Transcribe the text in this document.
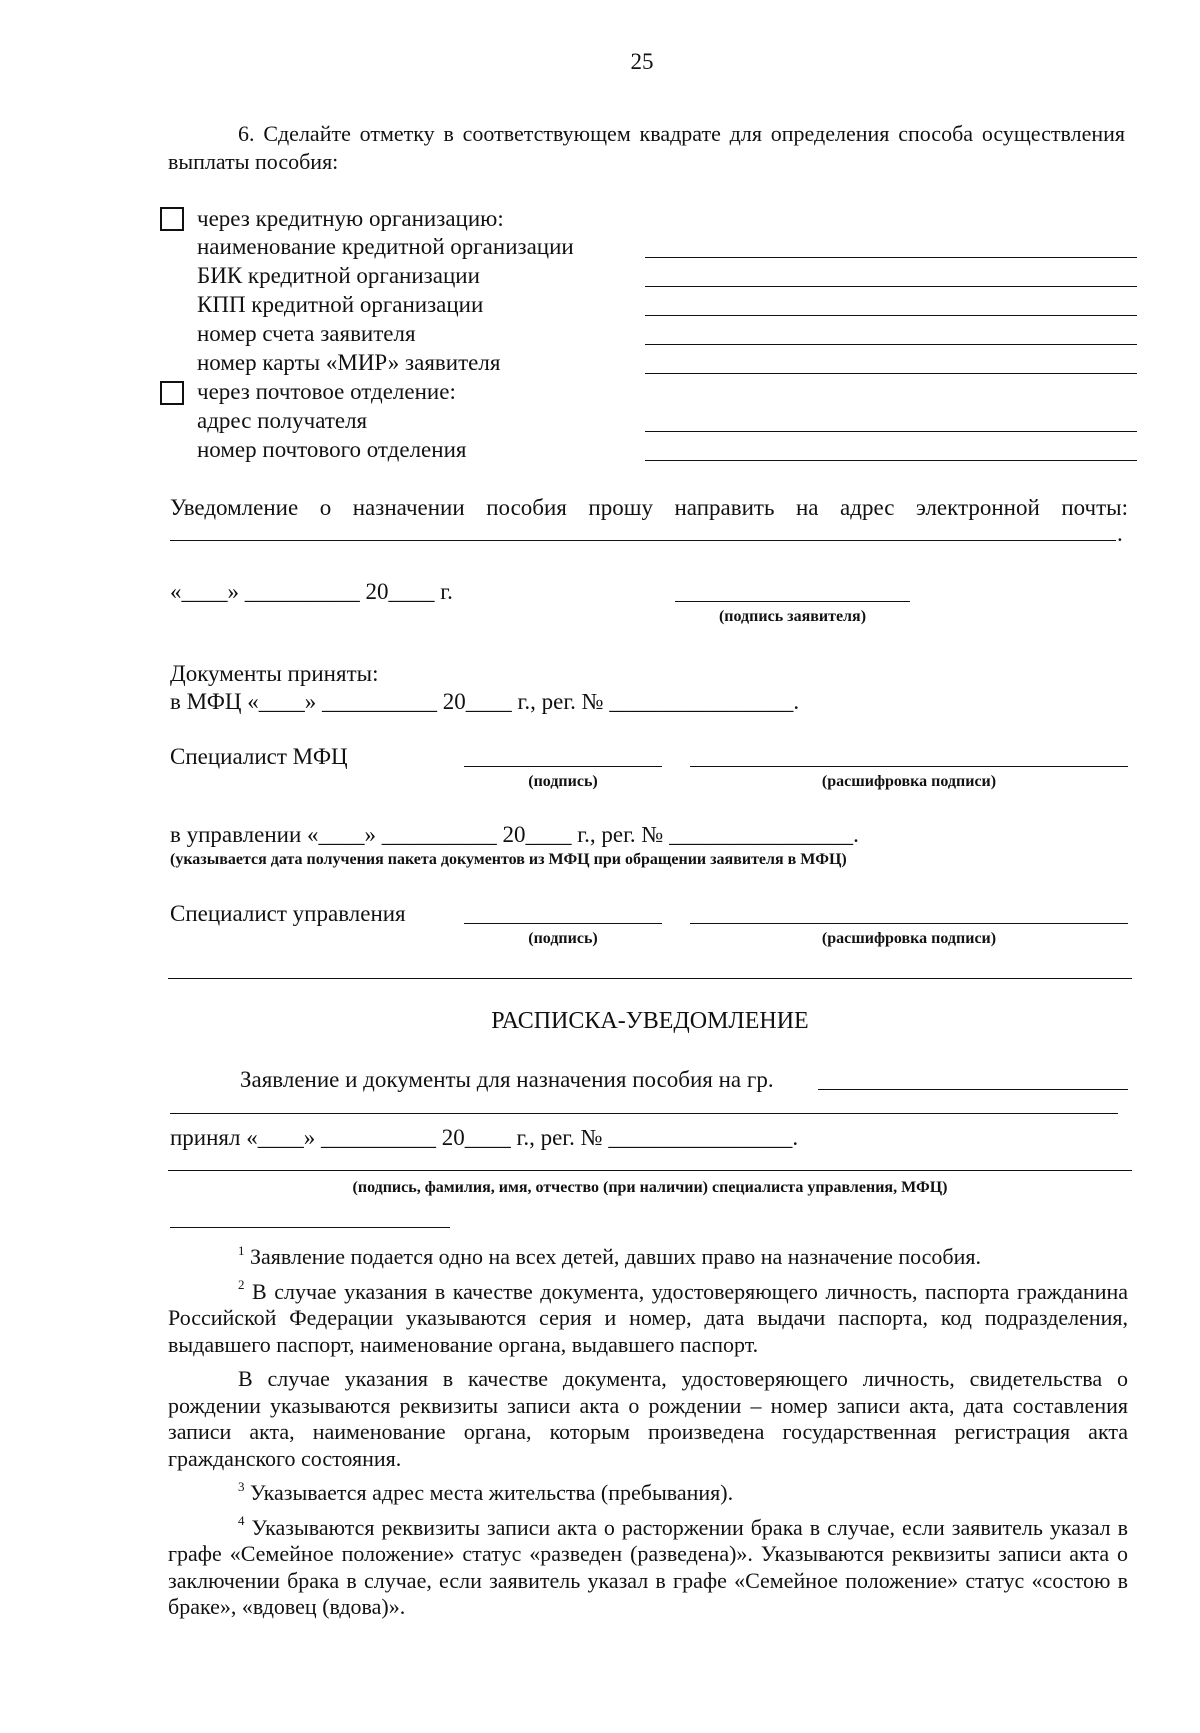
25

6. Сделайте отметку в соответствующем квадрате для определения способа осуществления выплаты пособия:

через кредитную организацию:
наименование кредитной организации
БИК кредитной организации
КПП кредитной организации
номер счета заявителя
номер карты «МИР» заявителя
через почтовое отделение:
адрес получателя
номер почтового отделения
Уведомление о назначении пособия прошу направить на адрес электронной почты:
.
«____» __________ 20____ г.
(подпись заявителя)
Документы приняты:
в МФЦ «____» __________ 20____ г., рег. № ________________.
Специалист МФЦ
(подпись)	(расшифровка подписи)
в управлении «____» __________ 20____ г., рег. № ________________.
(указывается дата получения пакета документов из МФЦ при обращении заявителя в МФЦ)
Специалист управления
(подпись)	(расшифровка подписи)
РАСПИСКА-УВЕДОМЛЕНИЕ
Заявление и документы для назначения пособия на гр.
принял «____» __________ 20____ г., рег. № ________________.
(подпись, фамилия, имя, отчество (при наличии) специалиста управления, МФЦ)

$^1$ Заявление подается одно на всех детей, давших право на назначение пособия.

$^2$ В случае указания в качестве документа, удостоверяющего личность, паспорта гражданина Российской Федерации указываются серия и номер, дата выдачи паспорта, код подразделения, выдавшего паспорт, наименование органа, выдавшего паспорт.

В случае указания в качестве документа, удостоверяющего личность, свидетельства о рождении указываются реквизиты записи акта о рождении – номер записи акта, дата составления записи акта, наименование органа, которым произведена государственная регистрация акта гражданского состояния.

$^3$ Указывается адрес места жительства (пребывания).

$^4$ Указываются реквизиты записи акта о расторжении брака в случае, если заявитель указал в графе «Семейное положение» статус «разведен (разведена)». Указываются реквизиты записи акта о заключении брака в случае, если заявитель указал в графе «Семейное положение» статус «состою в браке», «вдовец (вдова)».
